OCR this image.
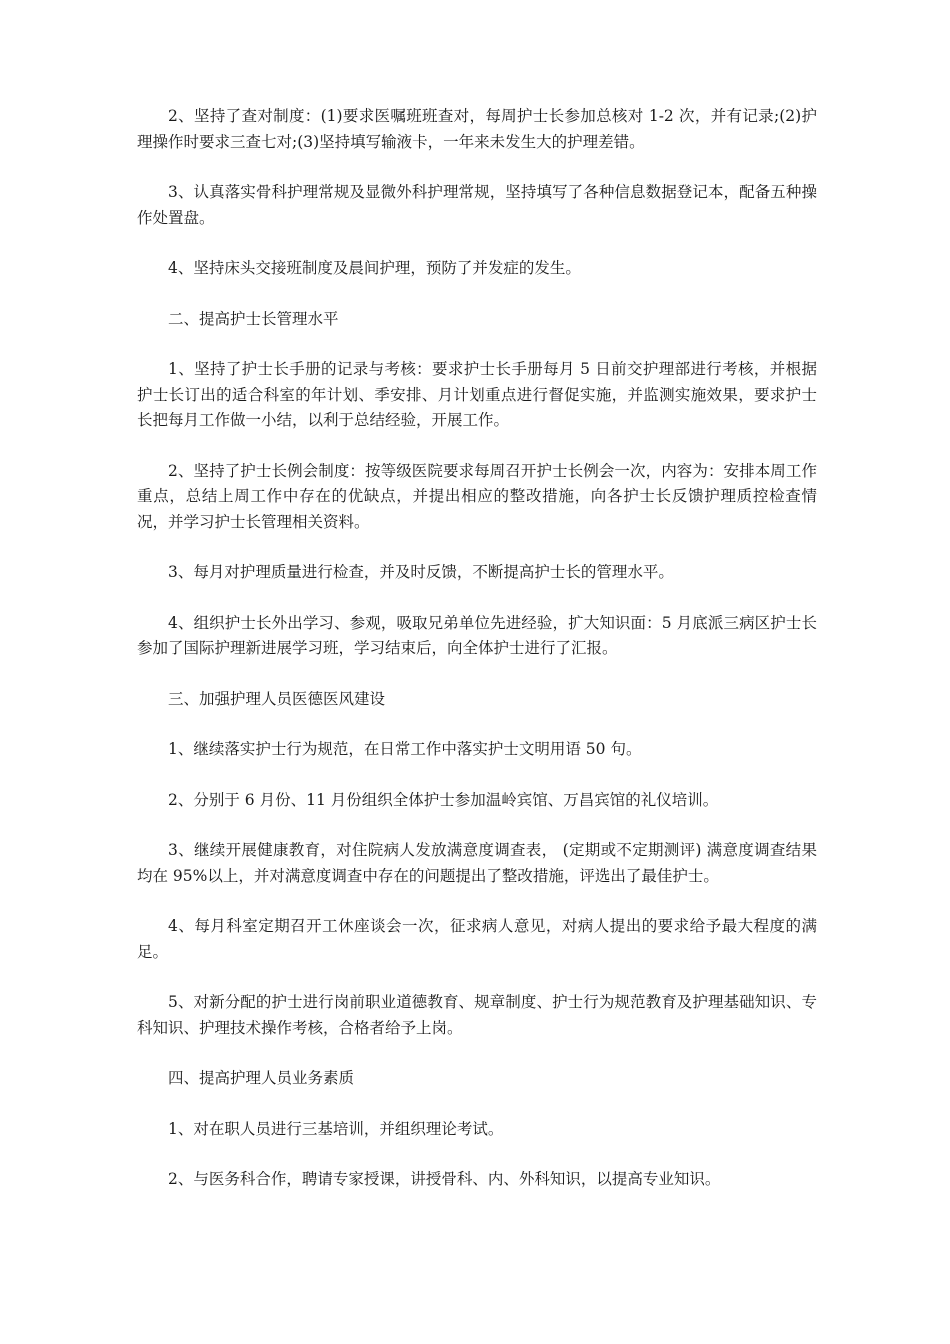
2、坚持了查对制度：(1)要求医嘱班班查对，每周护士长参加总核对 1-2 次，并有记录;(2)护理操作时要求三查七对;(3)坚持填写输液卡，一年来未发生大的护理差错。

3、认真落实骨科护理常规及显微外科护理常规，坚持填写了各种信息数据登记本，配备五种操作处置盘。

4、坚持床头交接班制度及晨间护理，预防了并发症的发生。

二、提高护士长管理水平

1、坚持了护士长手册的记录与考核：要求护士长手册每月 5 日前交护理部进行考核，并根据护士长订出的适合科室的年计划、季安排、月计划重点进行督促实施，并监测实施效果，要求护士长把每月工作做一小结，以利于总结经验，开展工作。

2、坚持了护士长例会制度：按等级医院要求每周召开护士长例会一次，内容为：安排本周工作重点，总结上周工作中存在的优缺点，并提出相应的整改措施，向各护士长反馈护理质控检查情况，并学习护士长管理相关资料。

3、每月对护理质量进行检查，并及时反馈，不断提高护士长的管理水平。

4、组织护士长外出学习、参观，吸取兄弟单位先进经验，扩大知识面：5 月底派三病区护士长参加了国际护理新进展学习班，学习结束后，向全体护士进行了汇报。

三、加强护理人员医德医风建设

1、继续落实护士行为规范，在日常工作中落实护士文明用语 50 句。

2、分别于 6 月份、11 月份组织全体护士参加温岭宾馆、万昌宾馆的礼仪培训。

3、继续开展健康教育，对住院病人发放满意度调查表， (定期或不定期测评) 满意度调查结果均在 95%以上，并对满意度调查中存在的问题提出了整改措施，评选出了最佳护士。

4、每月科室定期召开工休座谈会一次，征求病人意见，对病人提出的要求给予最大程度的满足。

5、对新分配的护士进行岗前职业道德教育、规章制度、护士行为规范教育及护理基础知识、专科知识、护理技术操作考核，合格者给予上岗。

四、提高护理人员业务素质

1、对在职人员进行三基培训，并组织理论考试。

2、与医务科合作，聘请专家授课，讲授骨科、内、外科知识，以提高专业知识。
